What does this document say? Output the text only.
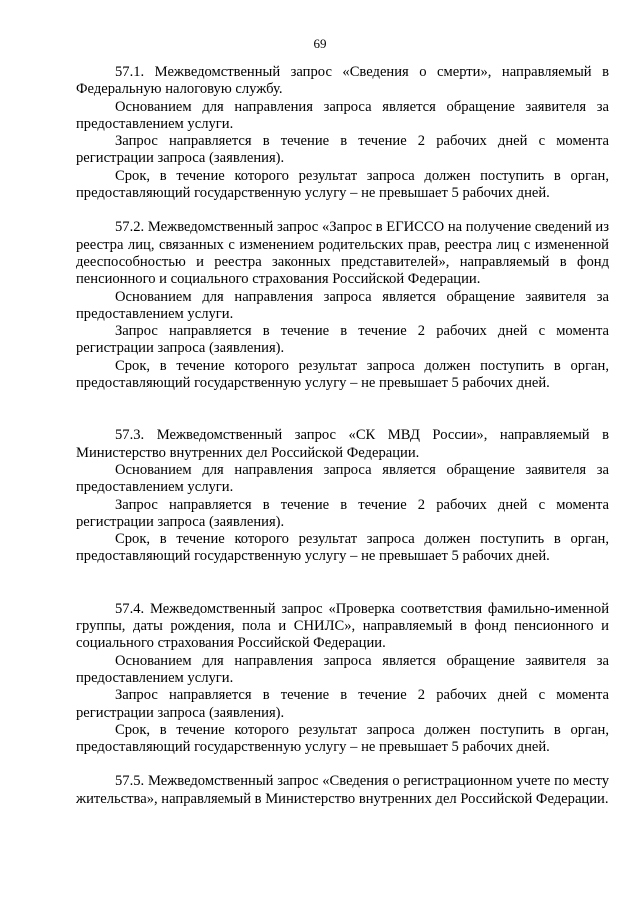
69

57.1. Межведомственный запрос «Сведения о смерти», направляемый в Федеральную налоговую службу.

Основанием для направления запроса является обращение заявителя за предоставлением услуги.

Запрос направляется в течение в течение 2 рабочих дней с момента регистрации запроса (заявления).

Срок, в течение которого результат запроса должен поступить в орган, предоставляющий государственную услугу – не превышает 5 рабочих дней.

57.2. Межведомственный запрос «Запрос в ЕГИССО на получение сведений из реестра лиц, связанных с изменением родительских прав, реестра лиц с измененной дееспособностью и реестра законных представителей», направляемый в фонд пенсионного и социального страхования Российской Федерации.

Основанием для направления запроса является обращение заявителя за предоставлением услуги.

Запрос направляется в течение в течение 2 рабочих дней с момента регистрации запроса (заявления).

Срок, в течение которого результат запроса должен поступить в орган, предоставляющий государственную услугу – не превышает 5 рабочих дней.

57.3. Межведомственный запрос «СК МВД России», направляемый в Министерство внутренних дел Российской Федерации.

Основанием для направления запроса является обращение заявителя за предоставлением услуги.

Запрос направляется в течение в течение 2 рабочих дней с момента регистрации запроса (заявления).

Срок, в течение которого результат запроса должен поступить в орган, предоставляющий государственную услугу – не превышает 5 рабочих дней.

57.4. Межведомственный запрос «Проверка соответствия фамильно-именной группы, даты рождения, пола и СНИЛС», направляемый в фонд пенсионного и социального страхования Российской Федерации.

Основанием для направления запроса является обращение заявителя за предоставлением услуги.

Запрос направляется в течение в течение 2 рабочих дней с момента регистрации запроса (заявления).

Срок, в течение которого результат запроса должен поступить в орган, предоставляющий государственную услугу – не превышает 5 рабочих дней.

57.5. Межведомственный запрос «Сведения о регистрационном учете по месту жительства», направляемый в Министерство внутренних дел Российской Федерации.
